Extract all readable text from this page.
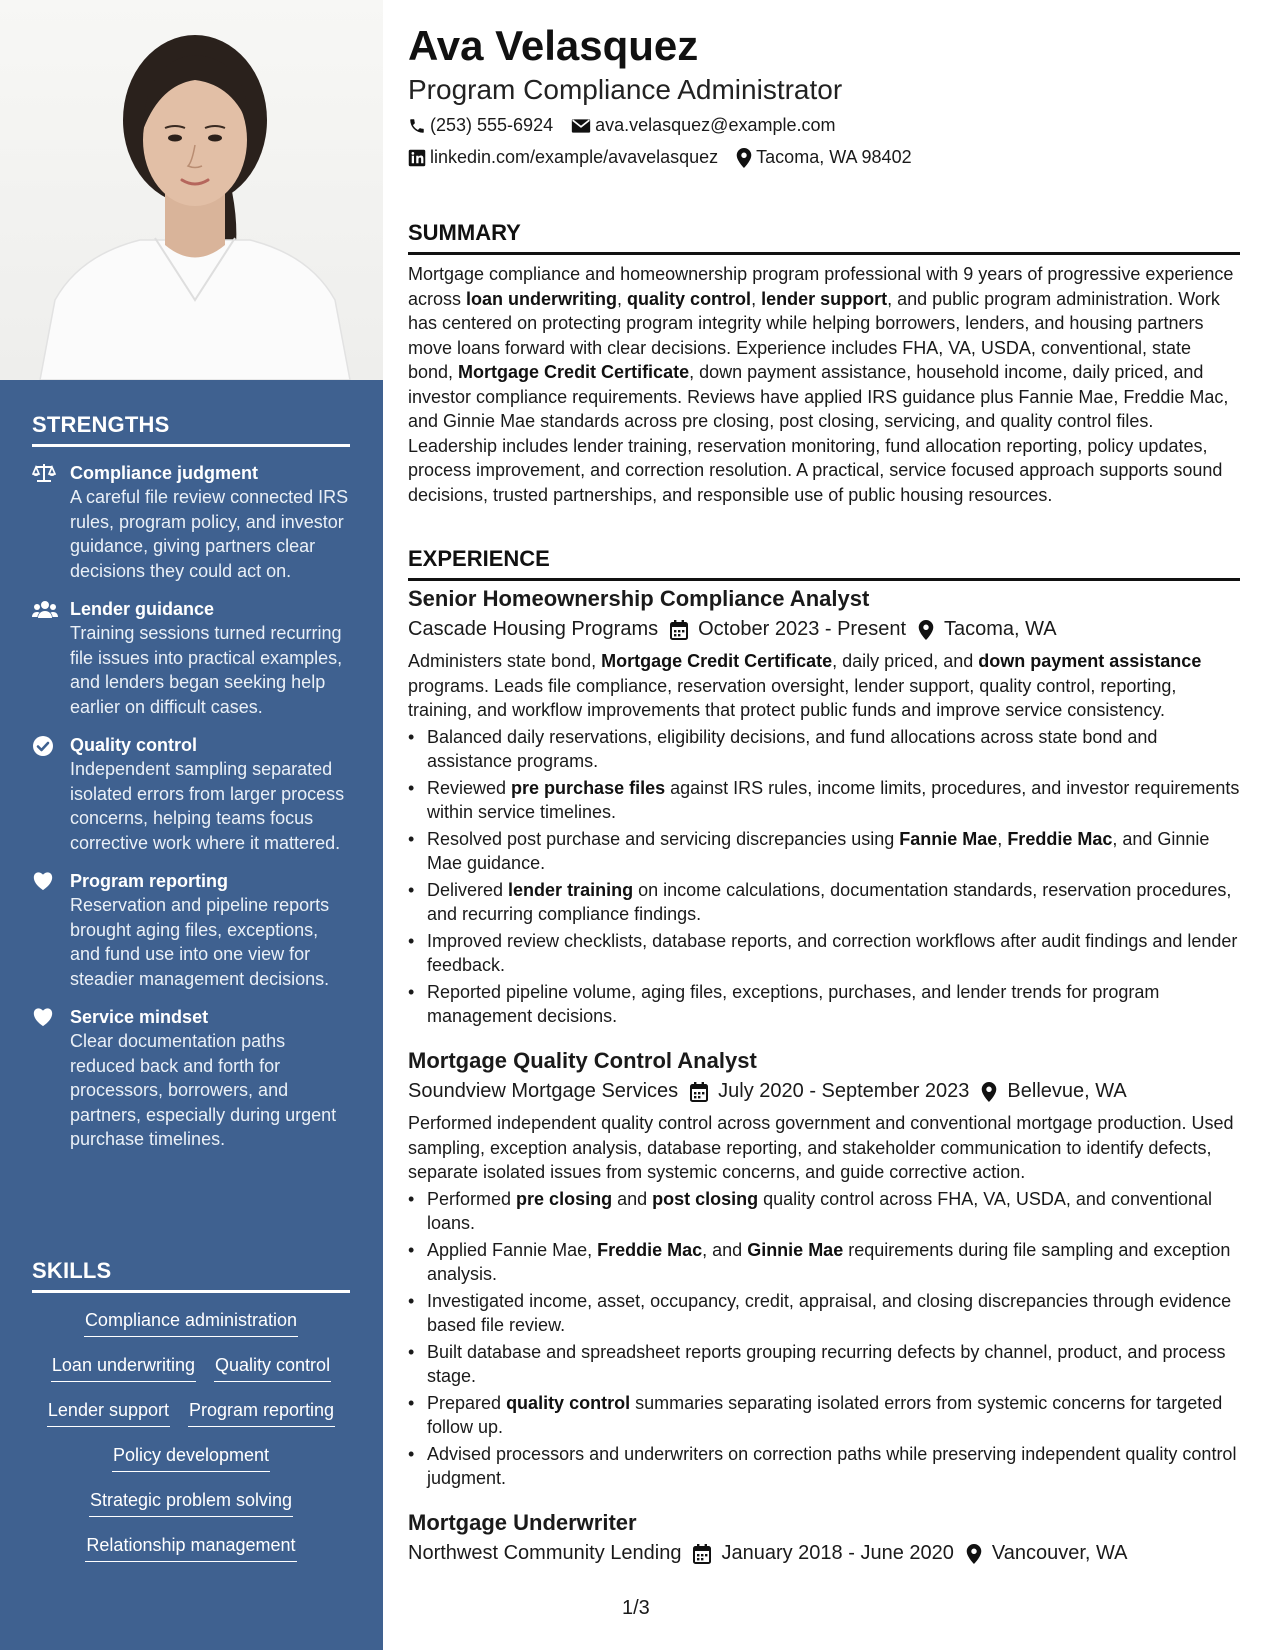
STRENGTHS
Compliance judgment
A careful file review connected IRS rules, program policy, and investor guidance, giving partners clear decisions they could act on.
Lender guidance
Training sessions turned recurring file issues into practical examples, and lenders began seeking help earlier on difficult cases.
Quality control
Independent sampling separated isolated errors from larger process concerns, helping teams focus corrective work where it mattered.
Program reporting
Reservation and pipeline reports brought aging files, exceptions, and fund use into one view for steadier management decisions.
Service mindset
Clear documentation paths reduced back and forth for processors, borrowers, and partners, especially during urgent purchase timelines.
SKILLS
Compliance administration
Loan underwriting Quality control
Lender support Program reporting
Policy development
Strategic problem solving
Relationship management
Ava Velasquez
Program Compliance Administrator
(253) 555-6924 ava.velasquez@example.com
linkedin.com/example/avavelasquez Tacoma, WA 98402
SUMMARY
Mortgage compliance and homeownership program professional with 9 years of progressive experience across loan underwriting, quality control, lender support, and public program administration. Work has centered on protecting program integrity while helping borrowers, lenders, and housing partners move loans forward with clear decisions. Experience includes FHA, VA, USDA, conventional, state bond, Mortgage Credit Certificate, down payment assistance, household income, daily priced, and investor compliance requirements. Reviews have applied IRS guidance plus Fannie Mae, Freddie Mac, and Ginnie Mae standards across pre closing, post closing, servicing, and quality control files. Leadership includes lender training, reservation monitoring, fund allocation reporting, policy updates, process improvement, and correction resolution. A practical, service focused approach supports sound decisions, trusted partnerships, and responsible use of public housing resources.
EXPERIENCE
Senior Homeownership Compliance Analyst
Cascade Housing Programs October 2023 - Present Tacoma, WA
Administers state bond, Mortgage Credit Certificate, daily priced, and down payment assistance programs. Leads file compliance, reservation oversight, lender support, quality control, reporting, training, and workflow improvements that protect public funds and improve service consistency.
• Balanced daily reservations, eligibility decisions, and fund allocations across state bond and assistance programs.
• Reviewed pre purchase files against IRS rules, income limits, procedures, and investor requirements within service timelines.
• Resolved post purchase and servicing discrepancies using Fannie Mae, Freddie Mac, and Ginnie Mae guidance.
• Delivered lender training on income calculations, documentation standards, reservation procedures, and recurring compliance findings.
• Improved review checklists, database reports, and correction workflows after audit findings and lender feedback.
• Reported pipeline volume, aging files, exceptions, purchases, and lender trends for program management decisions.
Mortgage Quality Control Analyst
Soundview Mortgage Services July 2020 - September 2023 Bellevue, WA
Performed independent quality control across government and conventional mortgage production. Used sampling, exception analysis, database reporting, and stakeholder communication to identify defects, separate isolated issues from systemic concerns, and guide corrective action.
• Performed pre closing and post closing quality control across FHA, VA, USDA, and conventional loans.
• Applied Fannie Mae, Freddie Mac, and Ginnie Mae requirements during file sampling and exception analysis.
• Investigated income, asset, occupancy, credit, appraisal, and closing discrepancies through evidence based file review.
• Built database and spreadsheet reports grouping recurring defects by channel, product, and process stage.
• Prepared quality control summaries separating isolated errors from systemic concerns for targeted follow up.
• Advised processors and underwriters on correction paths while preserving independent quality control judgment.
Mortgage Underwriter
Northwest Community Lending January 2018 - June 2020 Vancouver, WA
1/3
